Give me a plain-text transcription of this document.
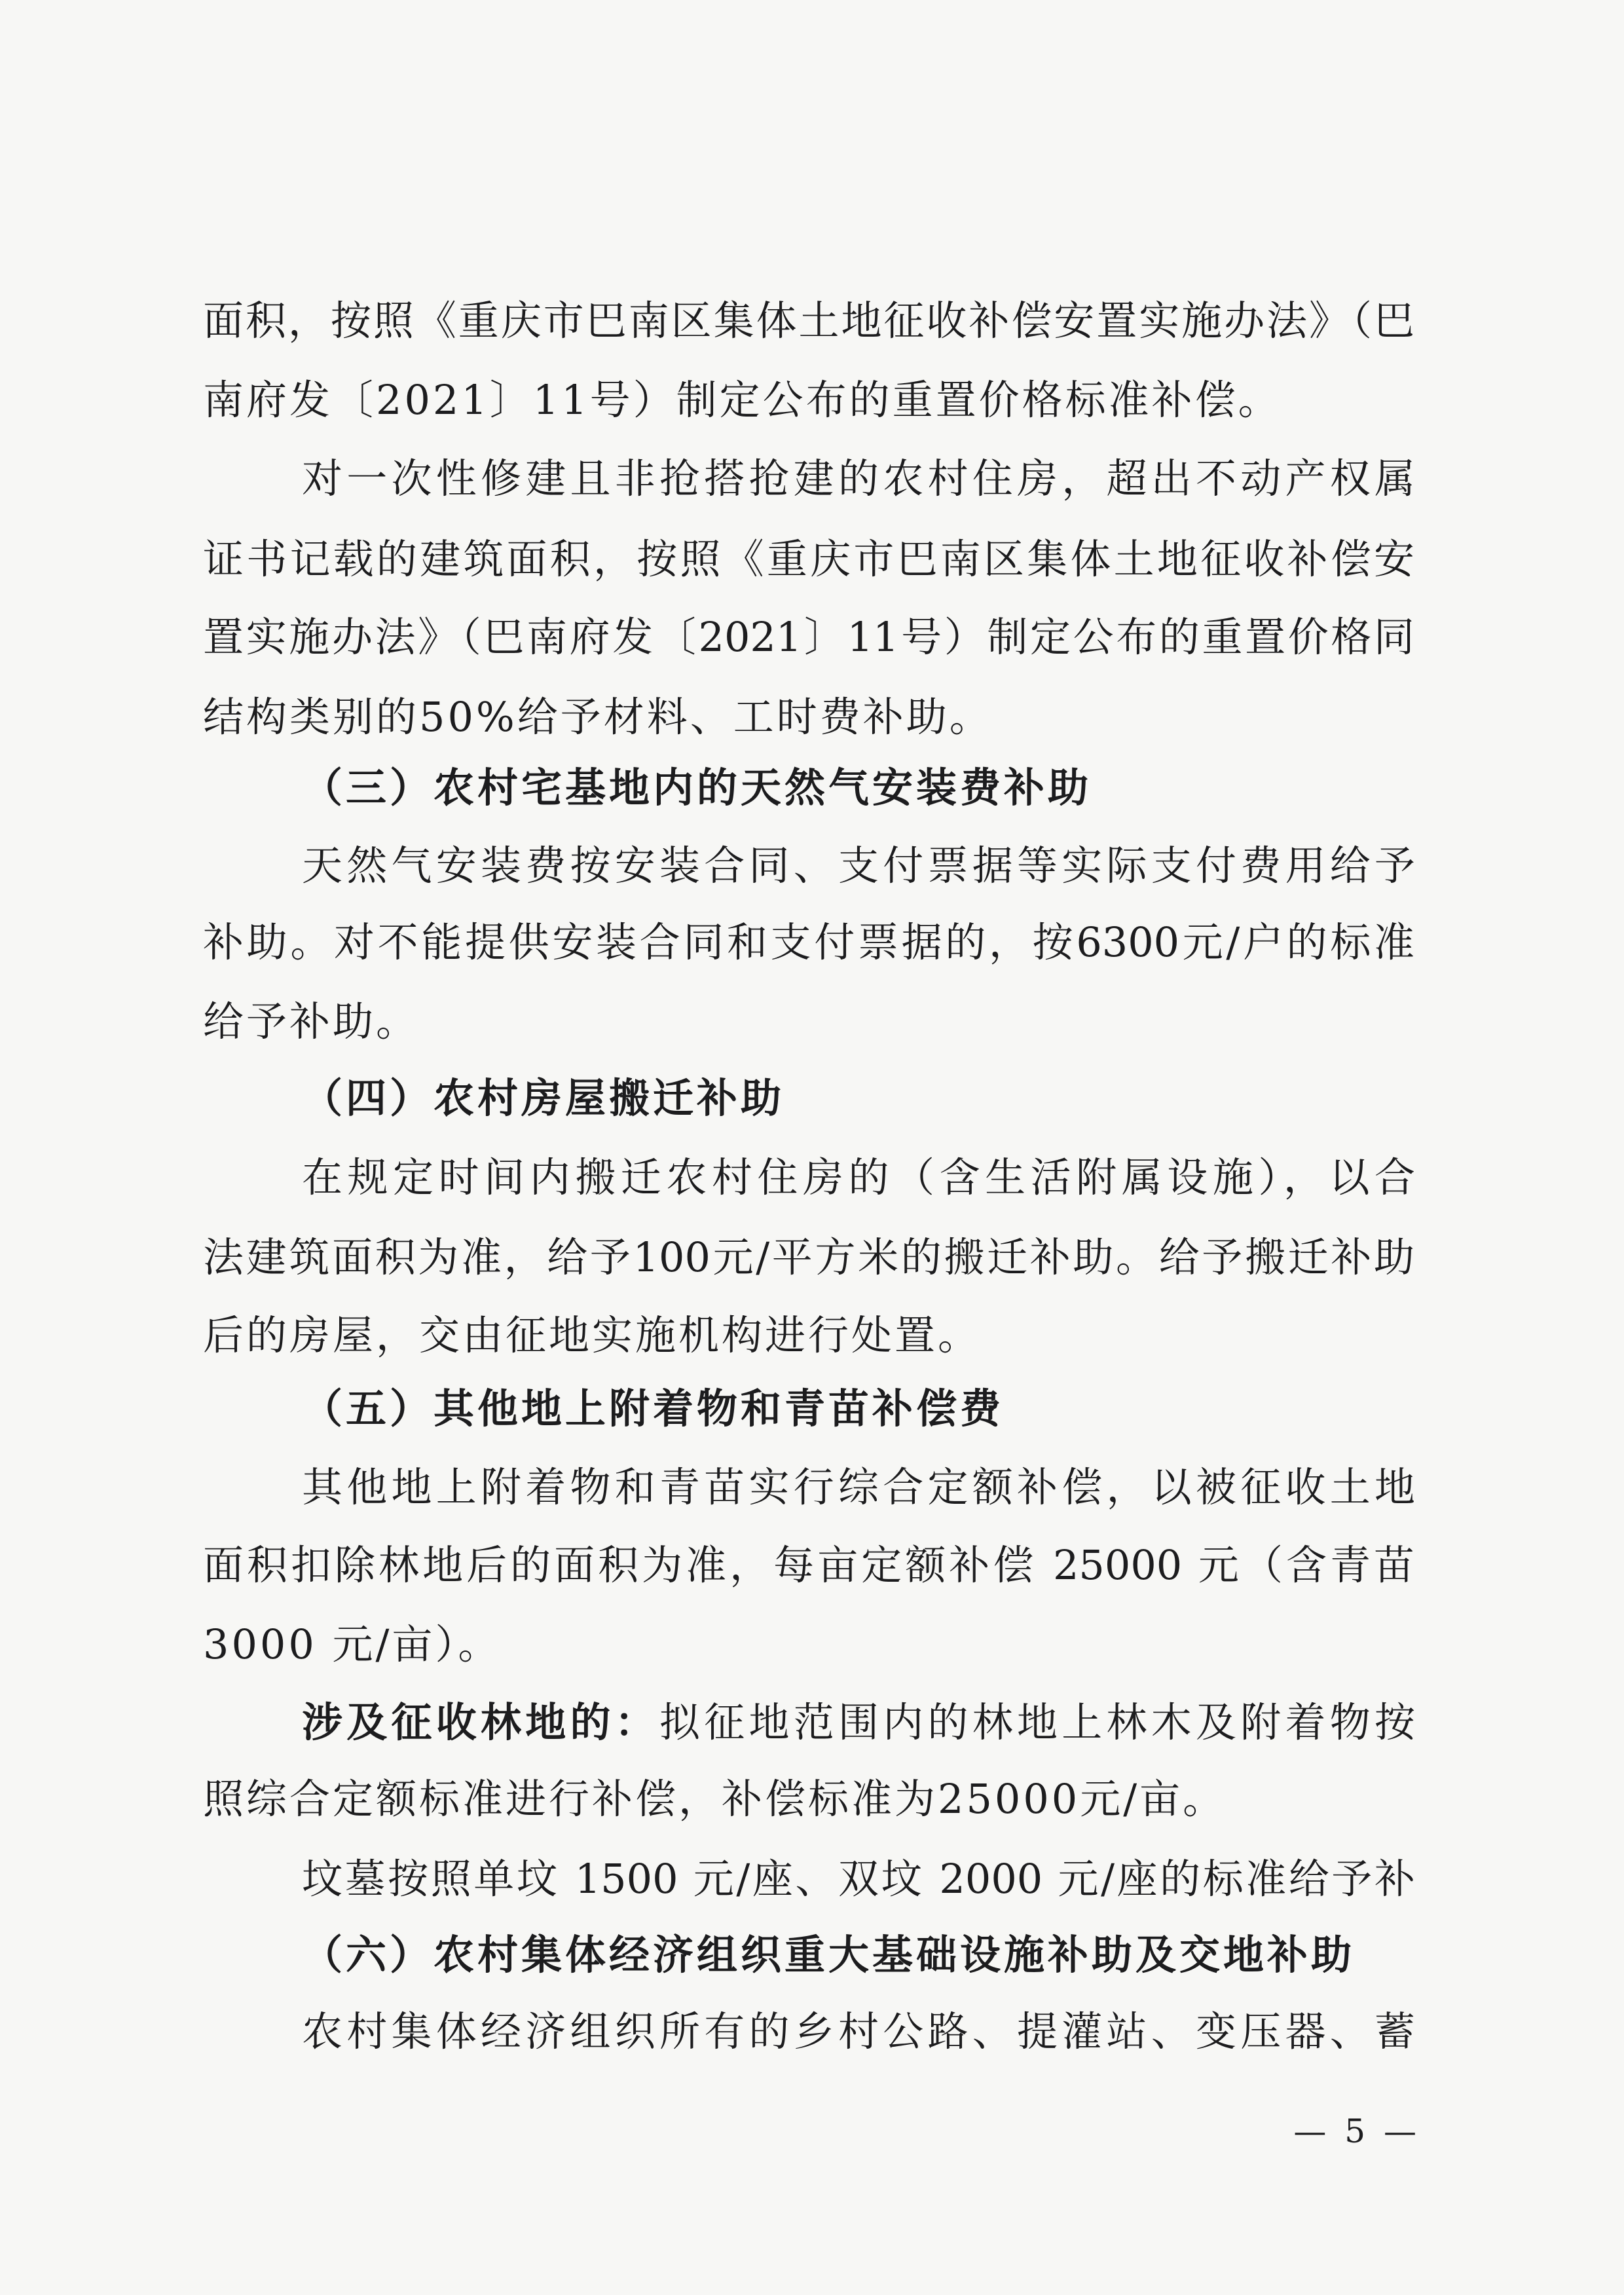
面积，按照《重庆市巴南区集体土地征收补偿安置实施办法》（巴
南府发〔2021〕11号）制定公布的重置价格标准补偿。
对一次性修建且非抢搭抢建的农村住房，超出不动产权属
证书记载的建筑面积，按照《重庆市巴南区集体土地征收补偿安
置实施办法》（巴南府发〔2021〕11号）制定公布的重置价格同
结构类别的50%给予材料、工时费补助。
（三）农村宅基地内的天然气安装费补助
天然气安装费按安装合同、支付票据等实际支付费用给予
补助。对不能提供安装合同和支付票据的，按6300元/户的标准
给予补助。
（四）农村房屋搬迁补助
在规定时间内搬迁农村住房的（含生活附属设施），以合
法建筑面积为准，给予100元/平方米的搬迁补助。给予搬迁补助
后的房屋，交由征地实施机构进行处置。
（五）其他地上附着物和青苗补偿费
其他地上附着物和青苗实行综合定额补偿，以被征收土地
面积扣除林地后的面积为准，每亩定额补偿 25000 元（含青苗
3000 元/亩）。
涉及征收林地的：拟征地范围内的林地上林木及附着物按
照综合定额标准进行补偿，补偿标准为25000元/亩。
坟墓按照单坟 1500 元/座、双坟 2000 元/座的标准给予补
（六）农村集体经济组织重大基础设施补助及交地补助
农村集体经济组织所有的乡村公路、提灌站、变压器、蓄
— 5 —
